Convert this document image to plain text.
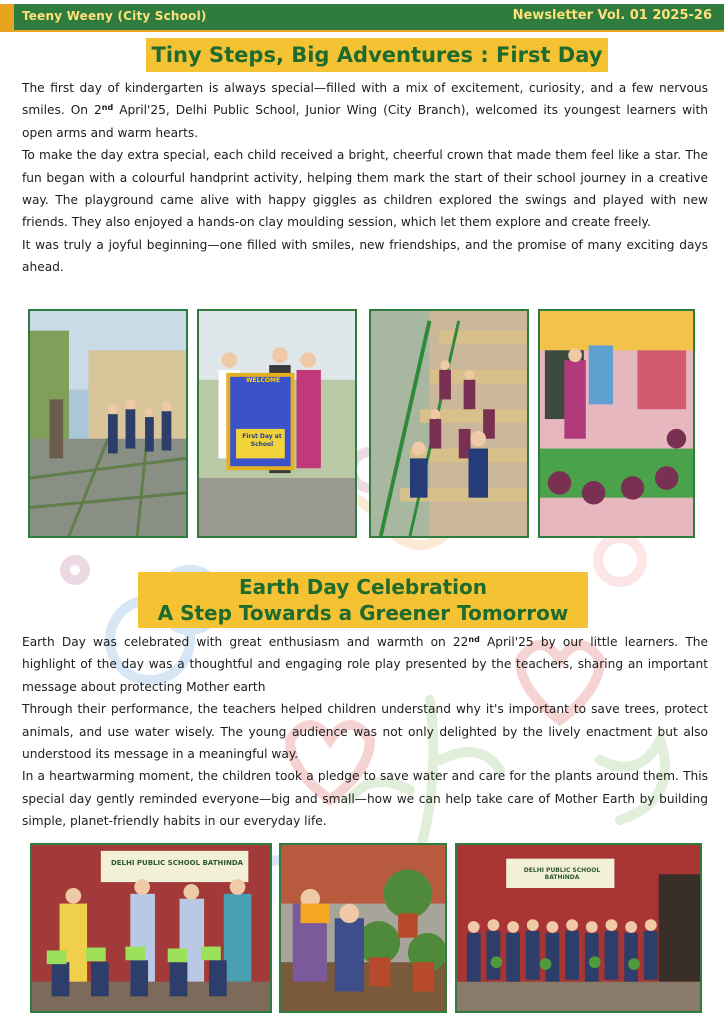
Teeny Weeny (City School)	Newsletter Vol. 01 2025-26
Tiny Steps, Big Adventures : First Day

The first day of kindergarten is always special—filled with a mix of excitement, curiosity, and a few nervous smiles. On 2nd April'25, Delhi Public School, Junior Wing (City Branch), welcomed its youngest learners with open arms and warm hearts.

To make the day extra special, each child received a bright, cheerful crown that made them feel like a star. The fun began with a colourful handprint activity, helping them mark the start of their school journey in a creative way. The playground came alive with happy giggles as children explored the swings and played with new friends. They also enjoyed a hands-on clay moulding session, which let them explore and create freely.

It was truly a joyful beginning—one filled with smiles, new friendships, and the promise of many exciting days ahead.

WELCOME
First Day at School
Earth Day Celebration
A Step Towards a Greener Tomorrow

Earth Day was celebrated with great enthusiasm and warmth on 22nd April'25 by our little learners. The highlight of the day was a thoughtful and engaging role play presented by the teachers, sharing an important message about protecting Mother earth

Through their performance, the teachers helped children understand why it's important to save trees, protect animals, and use water wisely. The young audience was not only delighted by the lively enactment but also understood its message in a meaningful way.

In a heartwarming moment, the children took a pledge to save water and care for the plants around them. This special day gently reminded everyone—big and small—how we can help take care of Mother Earth by building simple, planet-friendly habits in our everyday life.

DELHI PUBLIC SCHOOL BATHINDA
DELHI PUBLIC SCHOOL BATHINDA
